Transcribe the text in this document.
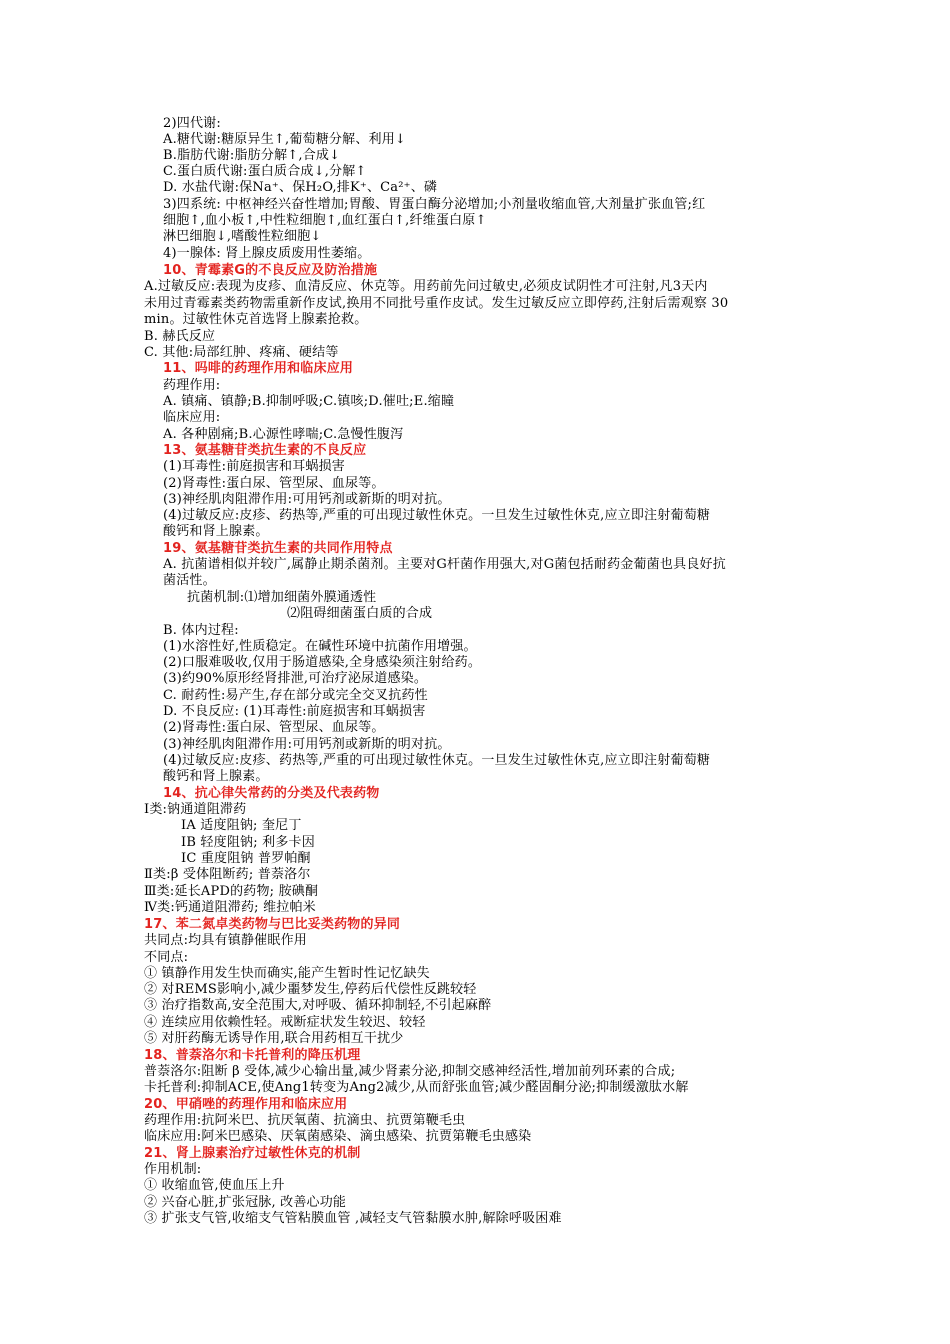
2)四代谢:
A.糖代谢:糖原异生↑,葡萄糖分解、利用↓
B.脂肪代谢:脂肪分解↑,合成↓
C.蛋白质代谢:蛋白质合成↓,分解↑
D. 水盐代谢:保Na⁺、保H₂O,排K⁺、Ca²⁺、磷
3)四系统: 中枢神经兴奋性增加;胃酸、胃蛋白酶分泌增加;小剂量收缩血管,大剂量扩张血管;红
细胞↑,血小板↑,中性粒细胞↑,血红蛋白↑,纤维蛋白原↑
淋巴细胞↓,嗜酸性粒细胞↓
4)一腺体: 肾上腺皮质废用性萎缩。
10、青霉素G的不良反应及防治措施
A.过敏反应:表现为皮疹、血清反应、休克等。用药前先问过敏史,必须皮试阴性才可注射,凡3天内
未用过青霉素类药物需重新作皮试,换用不同批号重作皮试。发生过敏反应立即停药,注射后需观察 30
min。过敏性休克首选肾上腺素抢救。
B. 赫氏反应
C. 其他:局部红肿、疼痛、硬结等
11、吗啡的药理作用和临床应用
药理作用:
A. 镇痛、镇静;B.抑制呼吸;C.镇咳;D.催吐;E.缩瞳
临床应用:
A. 各种剧痛;B.心源性哮喘;C.急慢性腹泻
13、氨基糖苷类抗生素的不良反应
(1)耳毒性:前庭损害和耳蜗损害
(2)肾毒性:蛋白尿、管型尿、血尿等。
(3)神经肌肉阻滞作用:可用钙剂或新斯的明对抗。
(4)过敏反应:皮疹、药热等,严重的可出现过敏性休克。一旦发生过敏性休克,应立即注射葡萄糖
酸钙和肾上腺素。
19、氨基糖苷类抗生素的共同作用特点
A. 抗菌谱相似并较广,属静止期杀菌剂。主要对G杆菌作用强大,对G菌包括耐药金葡菌也具良好抗
菌活性。
抗菌机制:⑴增加细菌外膜通透性
⑵阻碍细菌蛋白质的合成
B. 体内过程:
(1)水溶性好,性质稳定。在碱性环境中抗菌作用增强。
(2)口服难吸收,仅用于肠道感染,全身感染须注射给药。
(3)约90%原形经肾排泄,可治疗泌尿道感染。
C. 耐药性:易产生,存在部分或完全交叉抗药性
D. 不良反应: (1)耳毒性:前庭损害和耳蜗损害
(2)肾毒性:蛋白尿、管型尿、血尿等。
(3)神经肌肉阻滞作用:可用钙剂或新斯的明对抗。
(4)过敏反应:皮疹、药热等,严重的可出现过敏性休克。一旦发生过敏性休克,应立即注射葡萄糖
酸钙和肾上腺素。
14、抗心律失常药的分类及代表药物
Ⅰ类:钠通道阻滞药
IA 适度阻钠; 奎尼丁
IB 轻度阻钠; 利多卡因
IC 重度阻钠 普罗帕酮
Ⅱ类:β 受体阻断药; 普萘洛尔
Ⅲ类:延长APD的药物; 胺碘酮
Ⅳ类:钙通道阻滞药; 维拉帕米
17、苯二氮卓类药物与巴比妥类药物的异同
共同点:均具有镇静催眠作用
不同点:
① 镇静作用发生快而确实,能产生暂时性记忆缺失
② 对REMS影响小,减少噩梦发生,停药后代偿性反跳较轻
③ 治疗指数高,安全范围大,对呼吸、循环抑制轻,不引起麻醉
④ 连续应用依赖性轻。戒断症状发生较迟、较轻
⑤ 对肝药酶无诱导作用,联合用药相互干扰少
18、普萘洛尔和卡托普利的降压机理
普萘洛尔:阻断 β 受体,减少心输出量,减少肾素分泌,抑制交感神经活性,增加前列环素的合成;
卡托普利:抑制ACE,使Ang1转变为Ang2减少,从而舒张血管;减少醛固酮分泌;抑制缓激肽水解
20、甲硝唑的药理作用和临床应用
药理作用:抗阿米巴、抗厌氧菌、抗滴虫、抗贾第鞭毛虫
临床应用:阿米巴感染、厌氧菌感染、滴虫感染、抗贾第鞭毛虫感染
21、肾上腺素治疗过敏性休克的机制
作用机制:
① 收缩血管,使血压上升
② 兴奋心脏,扩张冠脉, 改善心功能
③ 扩张支气管,收缩支气管粘膜血管 ,减轻支气管黏膜水肿,解除呼吸困难
